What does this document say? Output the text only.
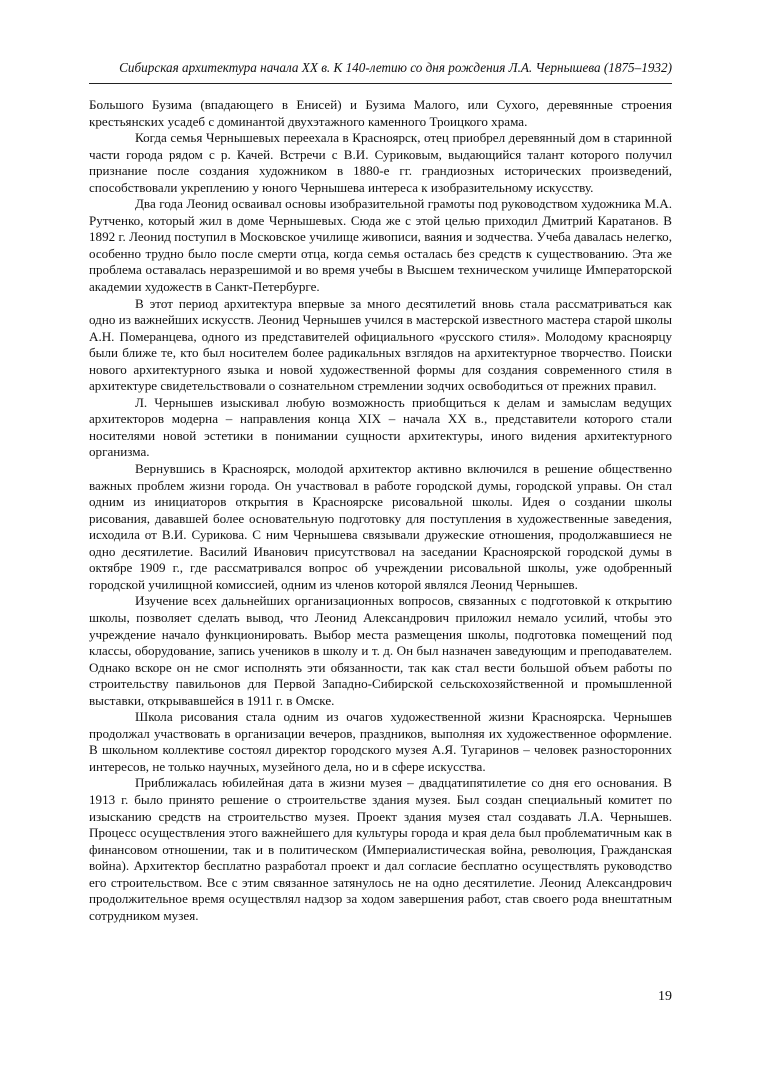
Сибирская архитектура начала XX в. К 140-летию со дня рождения Л.А. Чернышева (1875–1932)

Большого Бузима (впадающего в Енисей) и Бузима Малого, или Сухого, деревянные строения крестьянских усадеб с доминантой двухэтажного каменного Троицкого храма.

Когда семья Чернышевых переехала в Красноярск, отец приобрел деревянный дом в старинной части города рядом с р. Качей. Встречи с В.И. Суриковым, выдающийся талант которого получил признание после создания художником в 1880-е гг. грандиозных исторических произведений, способствовали укреплению у юного Чернышева интереса к изобразительному искусству.

Два года Леонид осваивал основы изобразительной грамоты под руководством художника М.А. Рутченко, который жил в доме Чернышевых. Сюда же с этой целью приходил Дмитрий Каратанов. В 1892 г. Леонид поступил в Московское училище живописи, ваяния и зодчества. Учеба давалась нелегко, особенно трудно было после смерти отца, когда семья осталась без средств к существованию. Эта же проблема оставалась неразрешимой и во время учебы в Высшем техническом училище Императорской академии художеств в Санкт-Петербурге.

В этот период архитектура впервые за много десятилетий вновь стала рассматриваться как одно из важнейших искусств. Леонид Чернышев учился в мастерской известного мастера старой школы А.Н. Померанцева, одного из представителей официального «русского стиля». Молодому красноярцу были ближе те, кто был носителем более радикальных взглядов на архитектурное творчество. Поиски нового архитектурного языка и новой художественной формы для создания современного стиля в архитектуре свидетельствовали о сознательном стремлении зодчих освободиться от прежних правил.

Л. Чернышев изыскивал любую возможность приобщиться к делам и замыслам ведущих архитекторов модерна – направления конца XIX – начала XX в., представители которого стали носителями новой эстетики в понимании сущности архитектуры, иного видения архитектурного организма.

Вернувшись в Красноярск, молодой архитектор активно включился в решение общественно важных проблем жизни города. Он участвовал в работе городской думы, городской управы. Он стал одним из инициаторов открытия в Красноярске рисовальной школы. Идея о создании школы рисования, дававшей более основательную подготовку для поступления в художественные заведения, исходила от В.И. Сурикова. С ним Чернышева связывали дружеские отношения, продолжавшиеся не одно десятилетие. Василий Иванович присутствовал на заседании Красноярской городской думы в октябре 1909 г., где рассматривался вопрос об учреждении рисовальной школы, уже одобренный городской училищной комиссией, одним из членов которой являлся Леонид Чернышев.

Изучение всех дальнейших организационных вопросов, связанных с подготовкой к открытию школы, позволяет сделать вывод, что Леонид Александрович приложил немало усилий, чтобы это учреждение начало функционировать. Выбор места размещения школы, подготовка помещений под классы, оборудование, запись учеников в школу и т. д. Он был назначен заведующим и преподавателем. Однако вскоре он не смог исполнять эти обязанности, так как стал вести большой объем работы по строительству павильонов для Первой Западно-Сибирской сельскохозяйственной и промышленной выставки, открывавшейся в 1911 г. в Омске.

Школа рисования стала одним из очагов художественной жизни Красноярска. Чернышев продолжал участвовать в организации вечеров, праздников, выполняя их художественное оформление. В школьном коллективе состоял директор городского музея А.Я. Тугаринов – человек разносторонних интересов, не только научных, музейного дела, но и в сфере искусства.

Приближалась юбилейная дата в жизни музея – двадцатипятилетие со дня его основания. В 1913 г. было принято решение о строительстве здания музея. Был создан специальный комитет по изысканию средств на строительство музея. Проект здания музея стал создавать Л.А. Чернышев. Процесс осуществления этого важнейшего для культуры города и края дела был проблематичным как в финансовом отношении, так и в политическом (Империалистическая война, революция, Гражданская война). Архитектор бесплатно разработал проект и дал согласие бесплатно осуществлять руководство его строительством. Все с этим связанное затянулось не на одно десятилетие. Леонид Александрович продолжительное время осуществлял надзор за ходом завершения работ, став своего рода внештатным сотрудником музея.

19
